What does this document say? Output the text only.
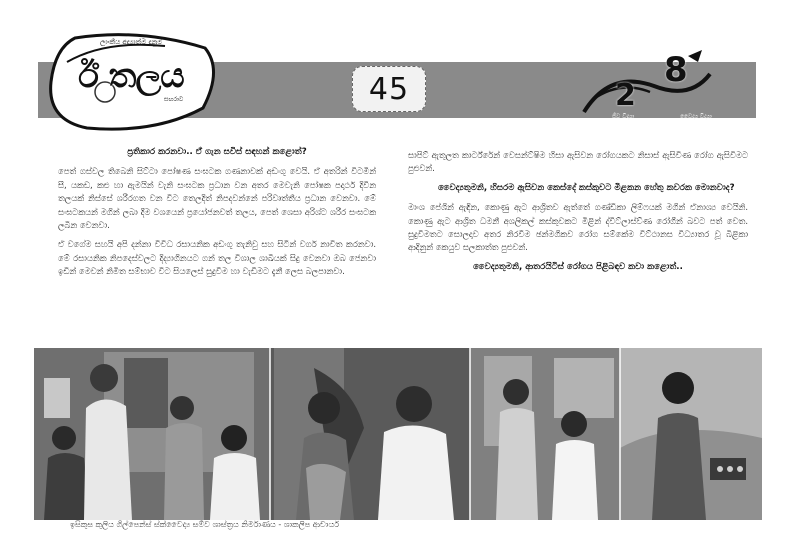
ලාංකීය අද්‍යාත්ම දැනුම
ඊ තලය
සඟරාව	45	2
8
ජීව විද්‍යා	වෛද්‍ය විද්‍යා

ප්‍රතිකාර කරනවා.. ඒ ගැන සවිස් සඳහන් කළොත්?

පෙත් ගස්වල තිබෙනි සිට්ටා පෝෂණ සංඝටක ගණනාවක් අඩංගු වෙයි. ඒ අතරින් විටමින් සී, යකඩ, කළු හා ඇමයින් වැනි සංඝටක ප්‍රධාන වන අතර මෙවැනි පෝෂක පදාර්ථ දිවින තලයක් නිස්සේ ශරීරගත වන විට තෙලදිත් නිපදවන්නේ පරිවෘත්තීය ප්‍රධාන වෙනවා. මේ සංඝටකයන් මගින් ලබා දීම වශයෙන් ප්‍රයෝජනවත් තලය, පෙත් ශෙසා අරිශ්ට ශරීර සංඝටක ලබින වෙනවා.

ඒ වගේම සහයි අපි දන්නා විවිධ රසායනික අඩංගු තැනිවු සහ සිටින් වර්ග නාවිත කරනවා. මේ රසායනික නිපදෙස්වලට දිද්‍යාගිනයට ගන් තල විශාල ශාඛීයක් සිදු වෙනවා ඔබ ජෙනවා ඉඩින් මෙවන් නිමිත සම්භාව විට සියලෙස් සුදුවීම හා වැඩීමට දැනී ලෙස බලපානවා.

සාපිට් ඇතුලත කාර්ට්රේන් වෙසන්ට්ෂිම හිසා ඇසිවන රෝගයකට නිසාස් ඇසිවිණ රෝග ඇසිවිමට පුළුවන්.

වෛද්‍යතුමනි, හිසරම ඇසිවන කෙස්දේ කස්කුවට මිළකන හේතු කවරක මොනවාද?

මාංශ පේශින් ඇඳින, කොණු ඇට ආශ්‍රිතව ඇත්තේ ගණ්ඩිකා ලිම්ෆයක් මගින් ඒනාශ්‍ය වෙයිනි. කොණු ඇට ආශ්‍රිත ධමනී අශලිකල් කස්කුවකට මිළින් ද්විට්ලාස්ව්ණ රෝගීන් බවට පත් වෙත. සුදුවීමතට සොලදාව අතර නිරවීම ඡන්මගිකව රෝග සම්කේම විට්ථානස විධ්‍යාතර වූ බිළිකා ආදිනුන් කෙයුව සලකාත්ත පුළුවන්.

වෛද්‍යතුමනි, ආතරයිටිස් රෝගය පිළිබඳව කවා කළොත්..

ඉසිකුස කුලිය ගිල්පෙන්ස් ස්ක්වෛද්‍ය සම්ව ශාස්ත්‍රය නිර්මාණය - ශාකලිප ආචාර්ය
